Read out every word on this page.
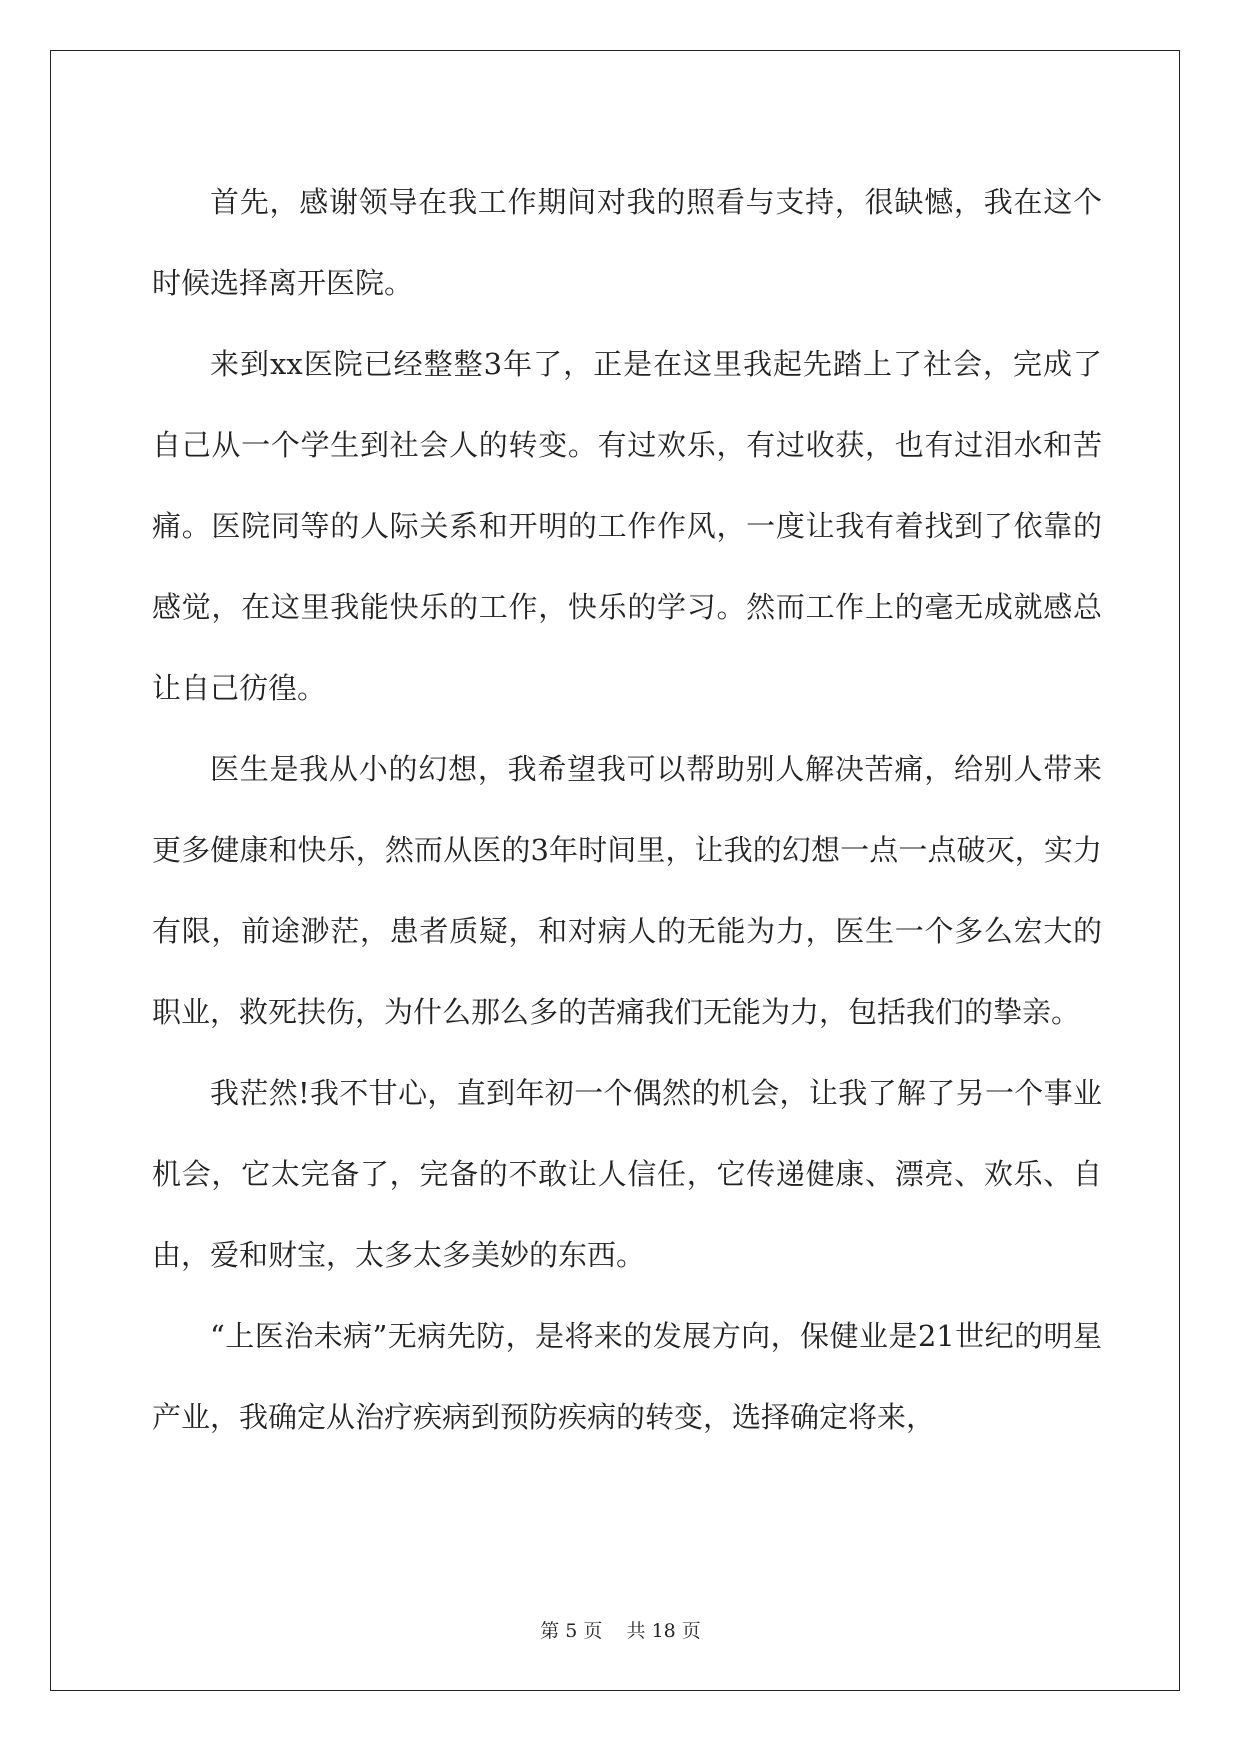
首先，感谢领导在我工作期间对我的照看与支持，很缺憾，我在这个时候选择离开医院。

来到xx医院已经整整3年了，正是在这里我起先踏上了社会，完成了自己从一个学生到社会人的转变。有过欢乐，有过收获，也有过泪水和苦痛。医院同等的人际关系和开明的工作作风，一度让我有着找到了依靠的感觉，在这里我能快乐的工作，快乐的学习。然而工作上的毫无成就感总让自己彷徨。

医生是我从小的幻想，我希望我可以帮助别人解决苦痛，给别人带来更多健康和快乐，然而从医的3年时间里，让我的幻想一点一点破灭，实力有限，前途渺茫，患者质疑，和对病人的无能为力，医生一个多么宏大的职业，救死扶伤，为什么那么多的苦痛我们无能为力，包括我们的挚亲。

我茫然!我不甘心，直到年初一个偶然的机会，让我了解了另一个事业机会，它太完备了，完备的不敢让人信任，它传递健康、漂亮、欢乐、自由，爱和财宝，太多太多美妙的东西。

“上医治未病”无病先防，是将来的发展方向，保健业是21世纪的明星产业，我确定从治疗疾病到预防疾病的转变，选择确定将来，

第 5 页    共 18 页
